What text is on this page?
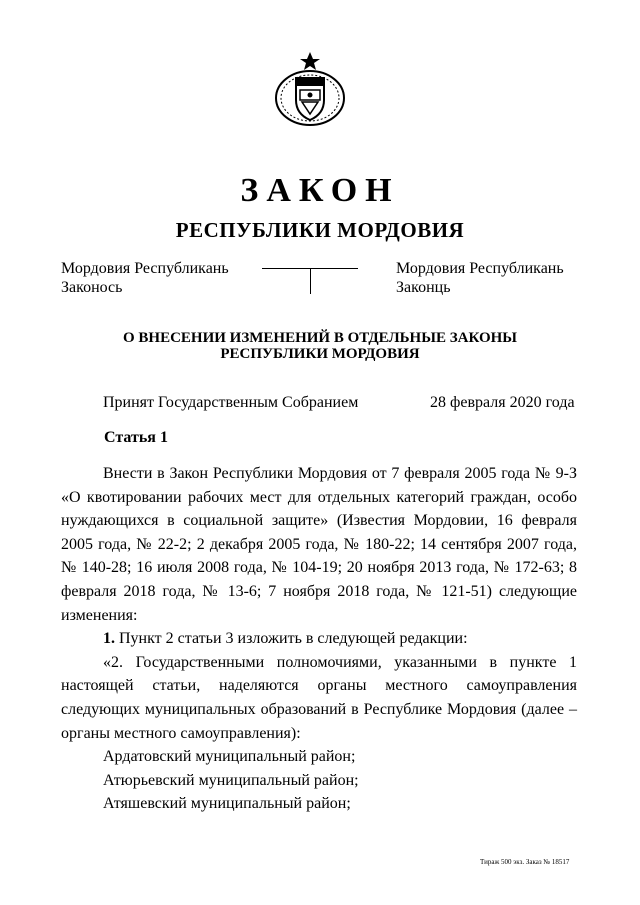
ЗАКОН
РЕСПУБЛИКИ МОРДОВИЯ
Мордовия Республикань
Законось
Мордовия Республикань
Законць
О ВНЕСЕНИИ ИЗМЕНЕНИЙ В ОТДЕЛЬНЫЕ ЗАКОНЫ
РЕСПУБЛИКИ МОРДОВИЯ
Принят Государственным Собранием	28 февраля 2020 года
Статья 1

Внести в Закон Республики Мордовия от 7 февраля 2005 года № 9-З «О квотировании рабочих мест для отдельных категорий граждан, особо нуждающихся в социальной защите» (Известия Мордовии, 16 февраля 2005 года, № 22-2; 2 декабря 2005 года, № 180-22; 14 сентября 2007 года, № 140-28; 16 июля 2008 года, № 104-19; 20 ноября 2013 года, № 172-63; 8 февраля 2018 года, № 13-6; 7 ноября 2018 года, № 121-51) следующие изменения:

1. Пункт 2 статьи 3 изложить в следующей редакции:

«2. Государственными полномочиями, указанными в пункте 1 настоящей статьи, наделяются органы местного самоуправления следующих муниципальных образований в Республике Мордовия (далее – органы местного самоуправления):

Ардатовский муниципальный район;

Атюрьевский муниципальный район;

Атяшевский муниципальный район;

Тираж 500 экз. Заказ № 18517
